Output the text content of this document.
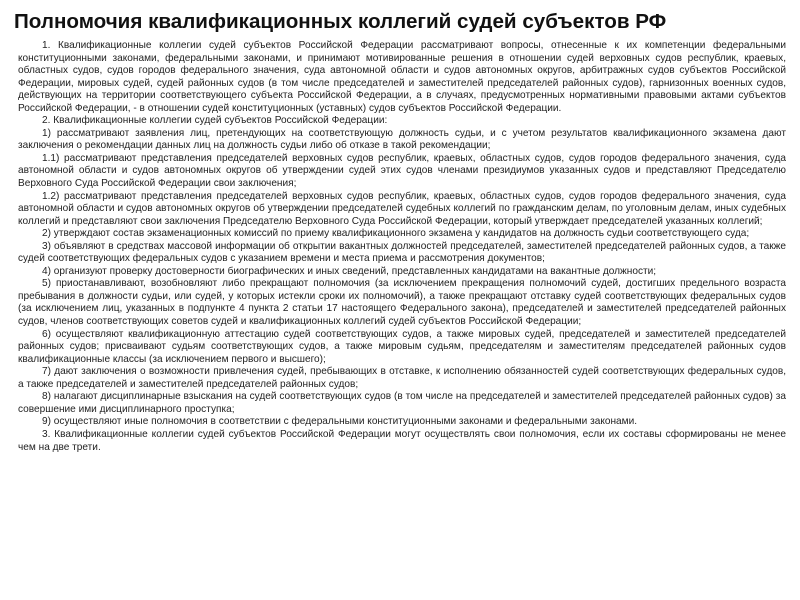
Полномочия квалификационных коллегий судей субъектов РФ

1. Квалификационные коллегии судей субъектов Российской Федерации рассматривают вопросы, отнесенные к их компетенции федеральными конституционными законами, федеральными законами, и принимают мотивированные решения в отношении судей верховных судов республик, краевых, областных судов, судов городов федерального значения, суда автономной области и судов автономных округов, арбитражных судов субъектов Российской Федерации, мировых судей, судей районных судов (в том числе председателей и заместителей председателей районных судов), гарнизонных военных судов, действующих на территории соответствующего субъекта Российской Федерации, а в случаях, предусмотренных нормативными правовыми актами субъектов Российской Федерации, - в отношении судей конституционных (уставных) судов субъектов Российской Федерации.

2. Квалификационные коллегии судей субъектов Российской Федерации:

1) рассматривают заявления лиц, претендующих на соответствующую должность судьи, и с учетом результатов квалификационного экзамена дают заключения о рекомендации данных лиц на должность судьи либо об отказе в такой рекомендации;

1.1) рассматривают представления председателей верховных судов республик, краевых, областных судов, судов городов федерального значения, суда автономной области и судов автономных округов об утверждении судей этих судов членами президиумов указанных судов и представляют Председателю Верховного Суда Российской Федерации свои заключения;

1.2) рассматривают представления председателей верховных судов республик, краевых, областных судов, судов городов федерального значения, суда автономной области и судов автономных округов об утверждении председателей судебных коллегий по гражданским делам, по уголовным делам, иных судебных коллегий и представляют свои заключения Председателю Верховного Суда Российской Федерации, который утверждает председателей указанных коллегий;

2) утверждают состав экзаменационных комиссий по приему квалификационного экзамена у кандидатов на должность судьи соответствующего суда;

3) объявляют в средствах массовой информации об открытии вакантных должностей председателей, заместителей председателей районных судов, а также судей соответствующих федеральных судов с указанием времени и места приема и рассмотрения документов;

4) организуют проверку достоверности биографических и иных сведений, представленных кандидатами на вакантные должности;

5) приостанавливают, возобновляют либо прекращают полномочия (за исключением прекращения полномочий судей, достигших предельного возраста пребывания в должности судьи, или судей, у которых истекли сроки их полномочий), а также прекращают отставку судей соответствующих федеральных судов (за исключением лиц, указанных в подпункте 4 пункта 2 статьи 17 настоящего Федерального закона), председателей и заместителей председателей районных судов, членов соответствующих советов судей и квалификационных коллегий судей субъектов Российской Федерации;

6) осуществляют квалификационную аттестацию судей соответствующих судов, а также мировых судей, председателей и заместителей председателей районных судов; присваивают судьям соответствующих судов, а также мировым судьям, председателям и заместителям председателей районных судов квалификационные классы (за исключением первого и высшего);

7) дают заключения о возможности привлечения судей, пребывающих в отставке, к исполнению обязанностей судей соответствующих федеральных судов, а также председателей и заместителей председателей районных судов;

8) налагают дисциплинарные взыскания на судей соответствующих судов (в том числе на председателей и заместителей председателей районных судов) за совершение ими дисциплинарного проступка;

9) осуществляют иные полномочия в соответствии с федеральными конституционными законами и федеральными законами.

3. Квалификационные коллегии судей субъектов Российской Федерации могут осуществлять свои полномочия, если их составы сформированы не менее чем на две трети.
